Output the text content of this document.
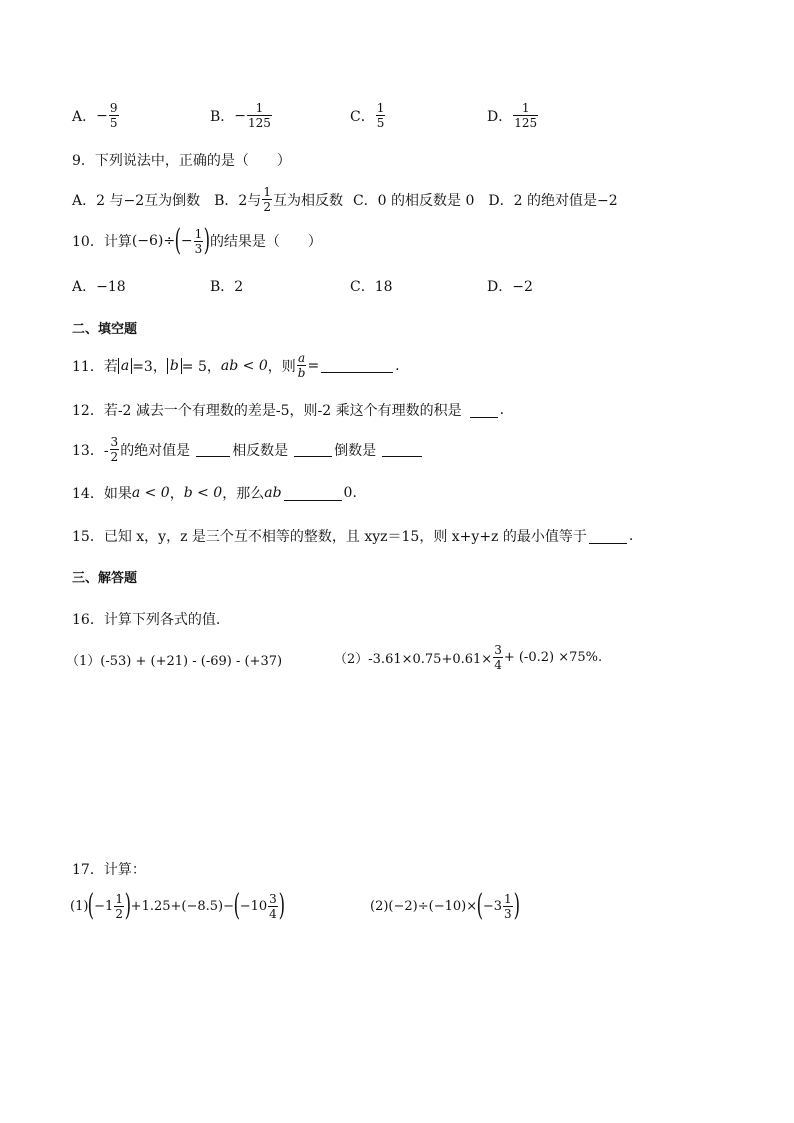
A． − $\frac{9}{5}$	B． − $\frac{1}{125}$	C． $\frac{1}{5}$	D． $\frac{1}{125}$
9．下列说法中，正确的是（　　）
A．2 与−2互为倒数 B．2与 $\frac{1}{2}$ 互为相反数 C．0 的相反数是 0 D．2 的绝对值是−2
10．计算 (−6)÷ ( − $\frac{1}{3}$ ) 的结果是（　　）
A．−18	B．2	C．18	D．−2
二、填空题
11．若 a =3， b = 5， ab < 0 ，则 $\frac{a}{b}$ =	.
12．若-2 减去一个有理数的差是-5，则-2 乘这个有理数的积是	.
13．- $\frac{3}{2}$ 的绝对值是	相反数是	倒数是
14．如果 a < 0 ， b < 0 ，那么 ab	0.
15．已知 x，y，z 是三个互不相等的整数，且 xyz＝15，则 x+y+z 的最小值等于	.
三、解答题
16．计算下列各式的值.
（1）(-53) + (+21) - (-69) - (+37)	$(2)-3.61\times 0.75+0.61\times \frac{3}{4} + (-0.2) \times 75\%$.
17．计算：
(1) ( $-1 \frac{1}{2}$ ) +1.25+(−8.5)− ( $-10 \frac{3}{4}$ )	(2) (−2)÷(−10)× ( $-3 \frac{1}{3}$ )
